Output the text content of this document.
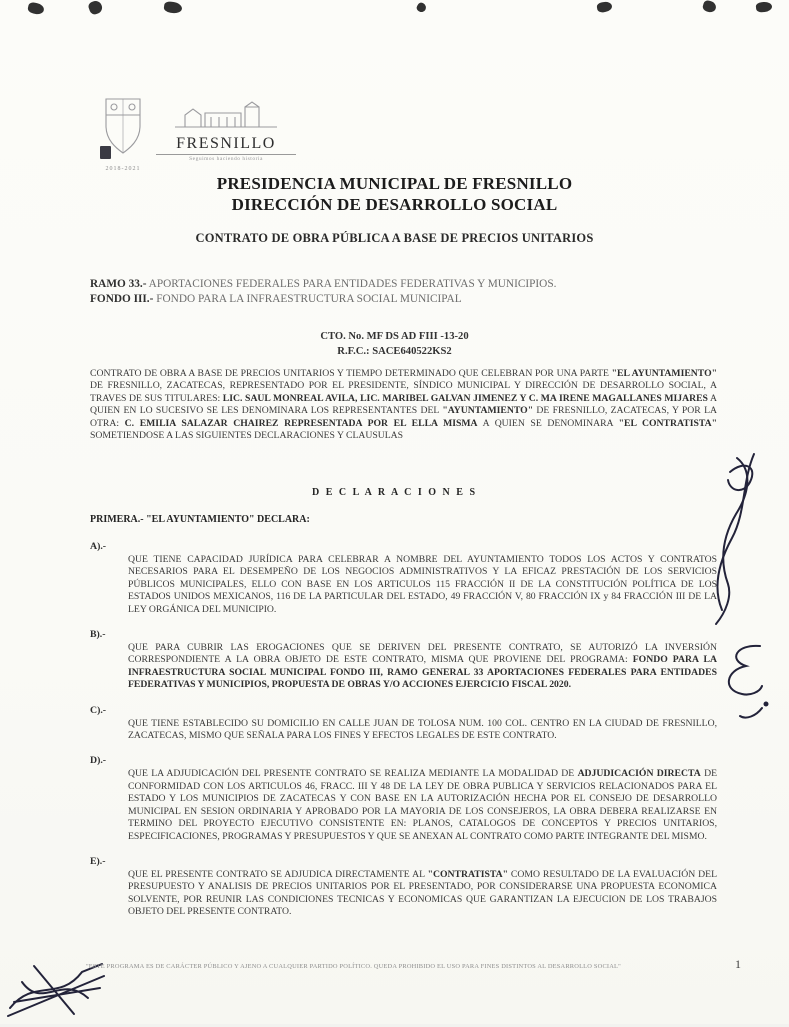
2018-2021
FRESNILLO
Seguimos haciendo historia
PRESIDENCIA MUNICIPAL DE FRESNILLO
DIRECCIÓN DE DESARROLLO SOCIAL
CONTRATO DE OBRA PÚBLICA A BASE DE PRECIOS UNITARIOS
RAMO 33.- APORTACIONES FEDERALES PARA ENTIDADES FEDERATIVAS Y MUNICIPIOS.
FONDO III.- FONDO PARA LA INFRAESTRUCTURA SOCIAL MUNICIPAL
CTO. No. MF DS AD FIII -13-20
R.F.C.: SACE640522KS2
CONTRATO DE OBRA A BASE DE PRECIOS UNITARIOS Y TIEMPO DETERMINADO QUE CELEBRAN POR UNA PARTE "EL AYUNTAMIENTO" DE FRESNILLO, ZACATECAS, REPRESENTADO POR EL PRESIDENTE, SÍNDICO MUNICIPAL Y DIRECCIÓN DE DESARROLLO SOCIAL, A TRAVES DE SUS TITULARES: LIC. SAUL MONREAL AVILA, LIC. MARIBEL GALVAN JIMENEZ Y C. MA IRENE MAGALLANES MIJARES A QUIEN EN LO SUCESIVO SE LES DENOMINARA LOS REPRESENTANTES DEL "AYUNTAMIENTO" DE FRESNILLO, ZACATECAS, Y POR LA OTRA: C. EMILIA SALAZAR CHAIREZ REPRESENTADA POR EL ELLA MISMA A QUIEN SE DENOMINARA "EL CONTRATISTA" SOMETIENDOSE A LAS SIGUIENTES DECLARACIONES Y CLAUSULAS
D E C L A R A C I O N E S
PRIMERA.- "EL AYUNTAMIENTO" DECLARA:
A).-
QUE TIENE CAPACIDAD JURÍDICA PARA CELEBRAR A NOMBRE DEL AYUNTAMIENTO TODOS LOS ACTOS Y CONTRATOS NECESARIOS PARA EL DESEMPEÑO DE LOS NEGOCIOS ADMINISTRATIVOS Y LA EFICAZ PRESTACIÓN DE LOS SERVICIOS PÚBLICOS MUNICIPALES, ELLO CON BASE EN LOS ARTICULOS 115 FRACCIÓN II DE LA CONSTITUCIÓN POLÍTICA DE LOS ESTADOS UNIDOS MEXICANOS, 116 DE LA PARTICULAR DEL ESTADO, 49 FRACCIÓN V, 80 FRACCIÓN IX y 84 FRACCIÓN III DE LA LEY ORGÁNICA DEL MUNICIPIO.
B).-
QUE PARA CUBRIR LAS EROGACIONES QUE SE DERIVEN DEL PRESENTE CONTRATO, SE AUTORIZÓ LA INVERSIÓN CORRESPONDIENTE A LA OBRA OBJETO DE ESTE CONTRATO, MISMA QUE PROVIENE DEL PROGRAMA: FONDO PARA LA INFRAESTRUCTURA SOCIAL MUNICIPAL FONDO III, RAMO GENERAL 33 APORTACIONES FEDERALES PARA ENTIDADES FEDERATIVAS Y MUNICIPIOS, PROPUESTA DE OBRAS Y/O ACCIONES EJERCICIO FISCAL 2020.
C).-
QUE TIENE ESTABLECIDO SU DOMICILIO EN CALLE JUAN DE TOLOSA NUM. 100 COL. CENTRO EN LA CIUDAD DE FRESNILLO, ZACATECAS, MISMO QUE SEÑALA PARA LOS FINES Y EFECTOS LEGALES DE ESTE CONTRATO.
D).-
QUE LA ADJUDICACIÓN DEL PRESENTE CONTRATO SE REALIZA MEDIANTE LA MODALIDAD DE ADJUDICACIÓN DIRECTA DE CONFORMIDAD CON LOS ARTICULOS 46, FRACC. III Y 48 DE LA LEY DE OBRA PUBLICA Y SERVICIOS RELACIONADOS PARA EL ESTADO Y LOS MUNICIPIOS DE ZACATECAS Y CON BASE EN LA AUTORIZACIÓN HECHA POR EL CONSEJO DE DESARROLLO MUNICIPAL EN SESION ORDINARIA Y APROBADO POR LA MAYORIA DE LOS CONSEJEROS, LA OBRA DEBERA REALIZARSE EN TERMINO DEL PROYECTO EJECUTIVO CONSISTENTE EN: PLANOS, CATALOGOS DE CONCEPTOS Y PRECIOS UNITARIOS, ESPECIFICACIONES, PROGRAMAS Y PRESUPUESTOS Y QUE SE ANEXAN AL CONTRATO COMO PARTE INTEGRANTE DEL MISMO.
E).-
QUE EL PRESENTE CONTRATO SE ADJUDICA DIRECTAMENTE AL "CONTRATISTA" COMO RESULTADO DE LA EVALUACIÓN DEL PRESUPUESTO Y ANALISIS DE PRECIOS UNITARIOS POR EL PRESENTADO, POR CONSIDERARSE UNA PROPUESTA ECONOMICA SOLVENTE, POR REUNIR LAS CONDICIONES TECNICAS Y ECONOMICAS QUE GARANTIZAN LA EJECUCION DE LOS TRABAJOS OBJETO DEL PRESENTE CONTRATO.
"ESTE PROGRAMA ES DE CARÁCTER PÚBLICO Y AJENO A CUALQUIER PARTIDO POLÍTICO. QUEDA PROHIBIDO EL USO PARA FINES DISTINTOS AL DESARROLLO SOCIAL"	1
